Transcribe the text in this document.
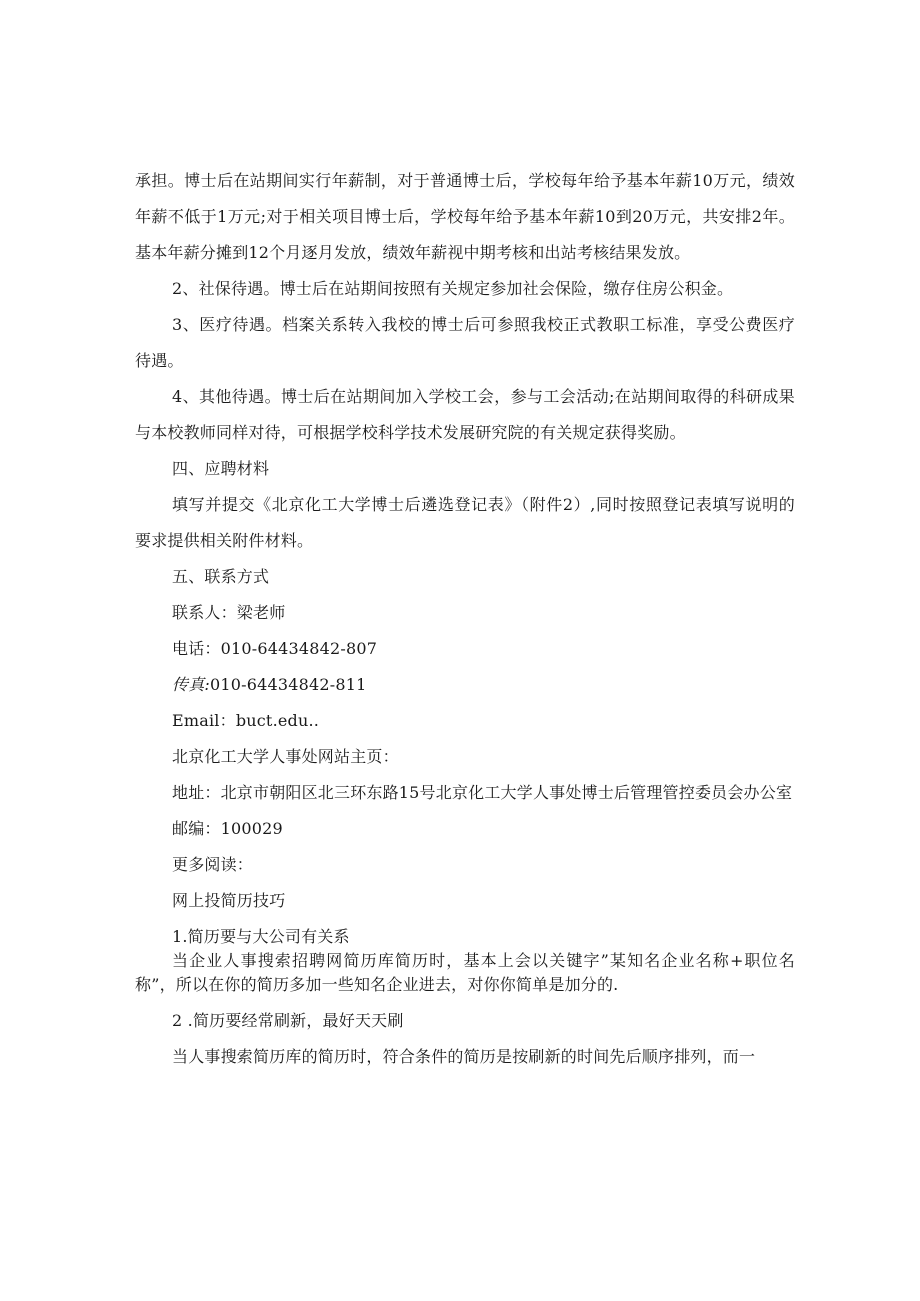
承担。博士后在站期间实行年薪制，对于普通博士后，学校每年给予基本年薪10万元，绩效年薪不低于1万元;对于相关项目博士后，学校每年给予基本年薪10到20万元，共安排2年。基本年薪分摊到12个月逐月发放，绩效年薪视中期考核和出站考核结果发放。

2、社保待遇。博士后在站期间按照有关规定参加社会保险，缴存住房公积金。

3、医疗待遇。档案关系转入我校的博士后可参照我校正式教职工标准，享受公费医疗待遇。

4、其他待遇。博士后在站期间加入学校工会，参与工会活动;在站期间取得的科研成果与本校教师同样对待，可根据学校科学技术发展研究院的有关规定获得奖励。

四、应聘材料

填写并提交《北京化工大学博士后遴选登记表》（附件2）,同时按照登记表填写说明的要求提供相关附件材料。

五、联系方式

联系人：梁老师

电话：010-64434842-807

传真:010-64434842-811

Email：buct.edu..

北京化工大学人事处网站主页：

地址：北京市朝阳区北三环东路15号北京化工大学人事处博士后管理管控委员会办公室

邮编：100029

更多阅读：

网上投简历技巧

1.简历要与大公司有关系

当企业人事搜索招聘网简历库简历时，基本上会以关键字”某知名企业名称+职位名称”，所以在你的简历多加一些知名企业进去，对你你简单是加分的.

2 .简历要经常刷新，最好天天刷

当人事搜索简历库的简历时，符合条件的简历是按刷新的时间先后顺序排列，而一
